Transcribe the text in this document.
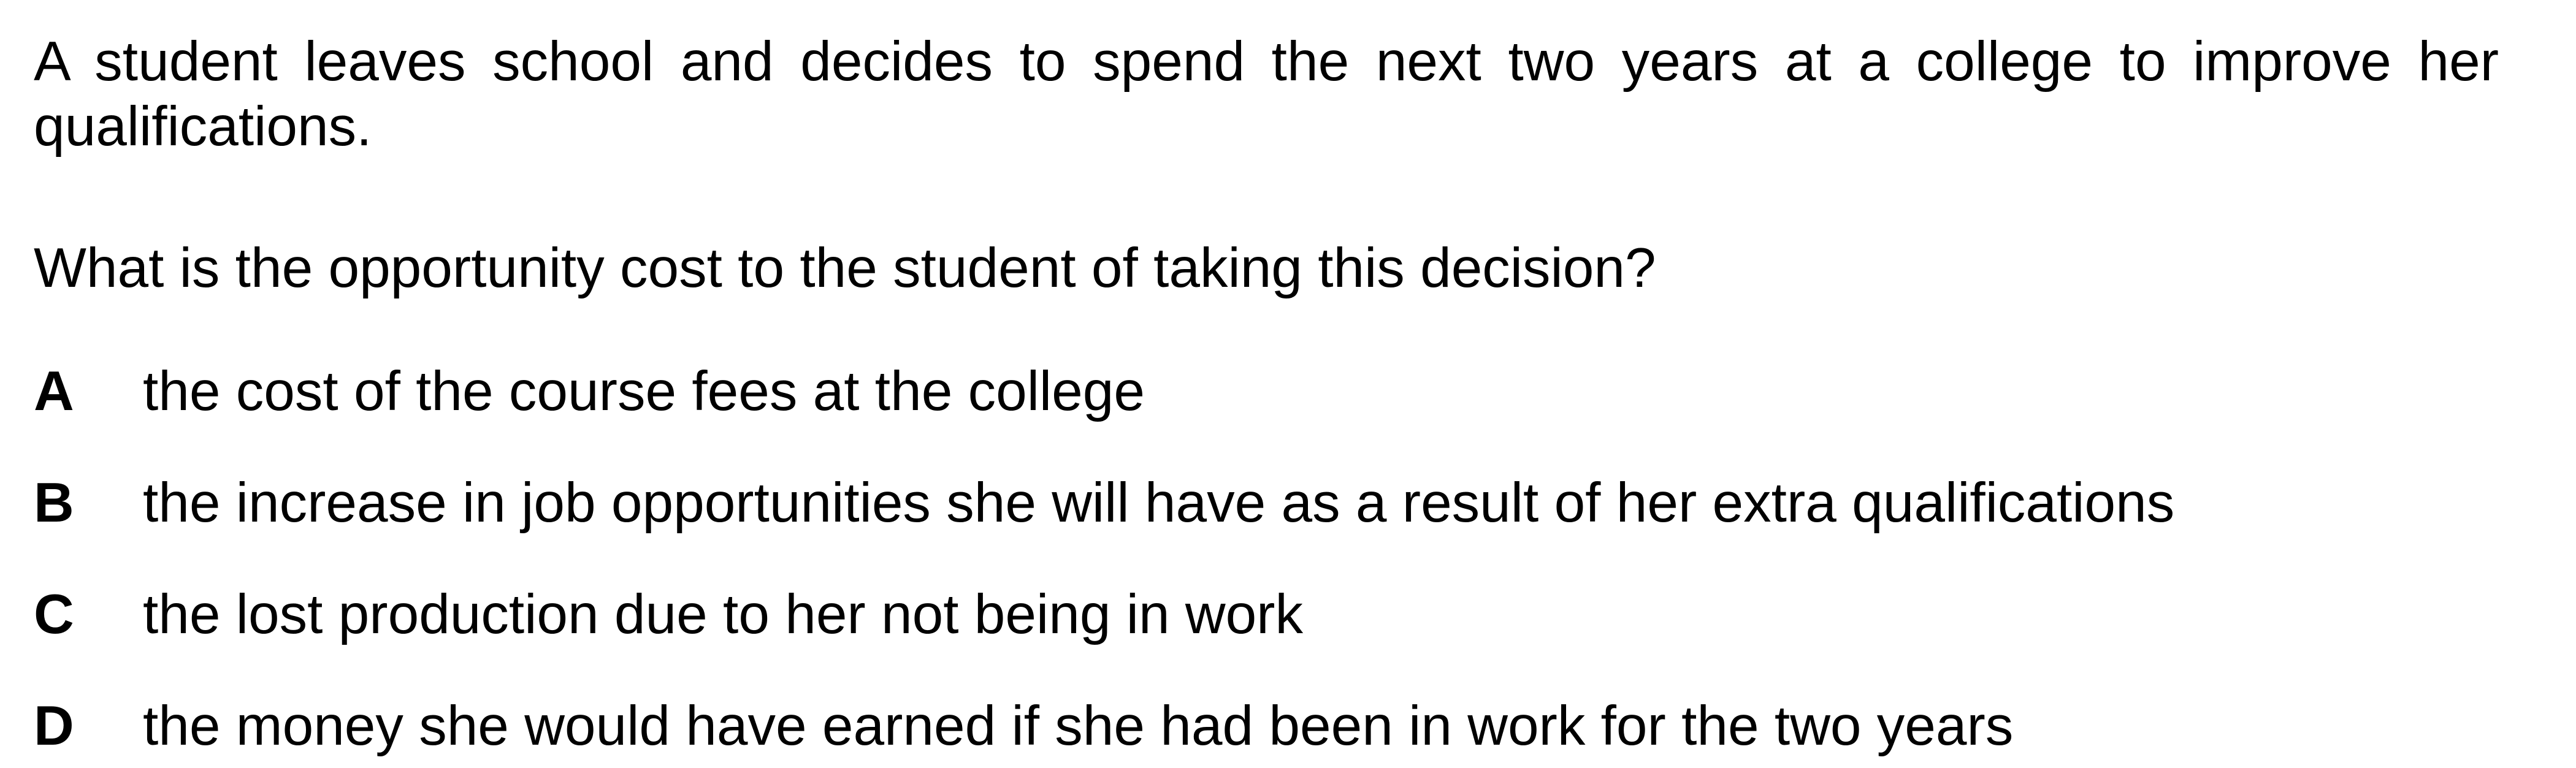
A student leaves school and decides to spend the next two years at a college to improve her qualifications.

What is the opportunity cost to the student of taking this decision?

A the cost of the course fees at the college
B the increase in job opportunities she will have as a result of her extra qualifications
C the lost production due to her not being in work
D the money she would have earned if she had been in work for the two years
